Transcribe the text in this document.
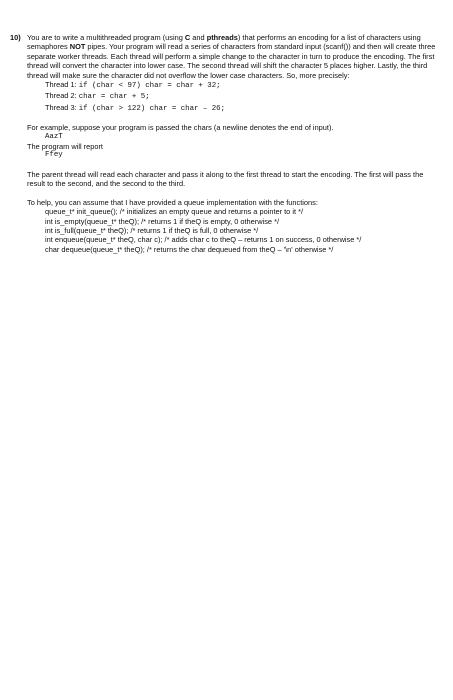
10) You are to write a multithreaded program (using C and pthreads) that performs an encoding for a list of characters using semaphores NOT pipes. Your program will read a series of characters from standard input (scanf()) and then will create three separate worker threads. Each thread will perform a simple change to the character in turn to produce the encoding. The first thread will convert the character into lower case. The second thread will shift the character 5 places higher. Lastly, the third thread will make sure the character did not overflow the lower case characters. So, more precisely:

Thread 1: if (char < 97) char = char + 32;
Thread 2: char = char + 5;
Thread 3: if (char > 122) char = char – 26;

For example, suppose your program is passed the chars (a newline denotes the end of input).

AazT

The program will report

Ffey

The parent thread will read each character and pass it along to the first thread to start the encoding. The first will pass the result to the second, and the second to the third.

To help, you can assume that I have provided a queue implementation with the functions:

queue_t* init_queue(); /* initializes an empty queue and returns a pointer to it */
int is_empty(queue_t* theQ); /* returns 1 if theQ is empty, 0 otherwise */
int is_full(queue_t* theQ); /* returns 1 if theQ is full, 0 otherwise */
int enqueue(queue_t* theQ, char c); /* adds char c to theQ – returns 1 on success, 0 otherwise */
char dequeue(queue_t* theQ); /* returns the char dequeued from theQ – '\n' otherwise */
